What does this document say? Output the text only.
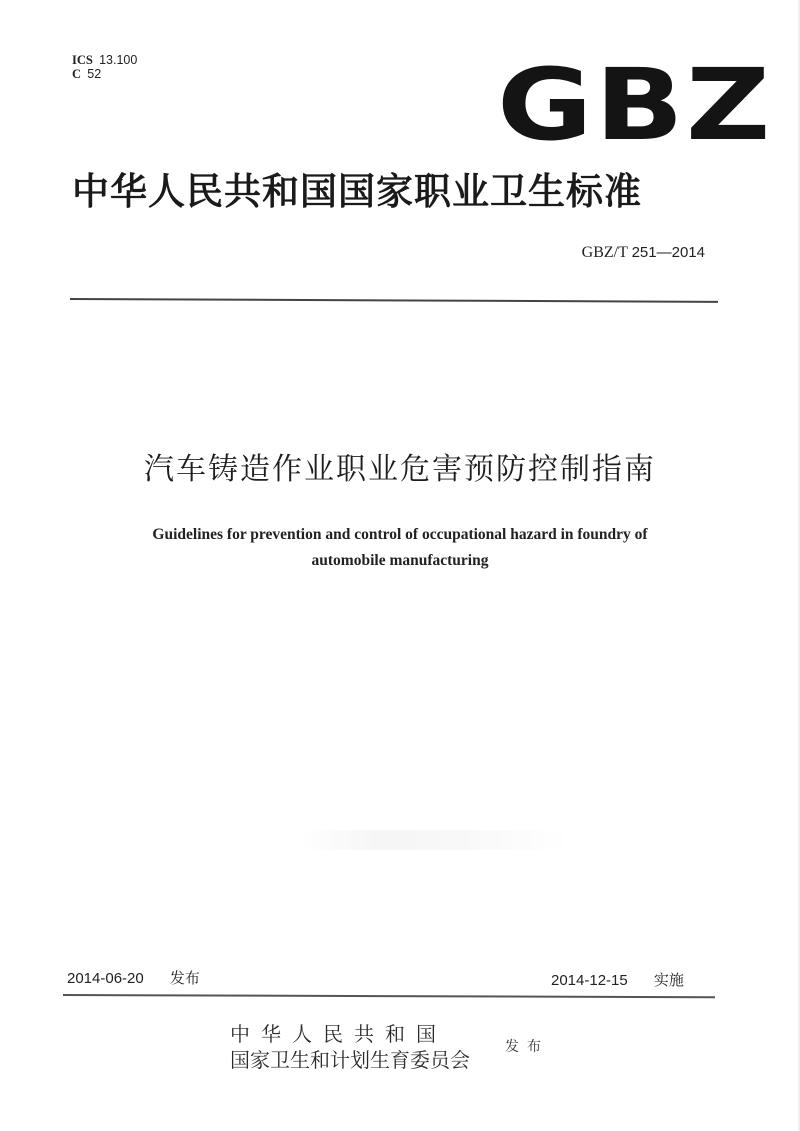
ICS 13.100
C 52	GBZ
中华人民共和国国家职业卫生标准
GBZ/T 251—2014
汽车铸造作业职业危害预防控制指南
Guidelines for prevention and control of occupational hazard in foundry of
automobile manufacturing
2014-06-20 发布	2014-12-15 实施
中华人民共和国
国家卫生和计划生育委员会
发布
